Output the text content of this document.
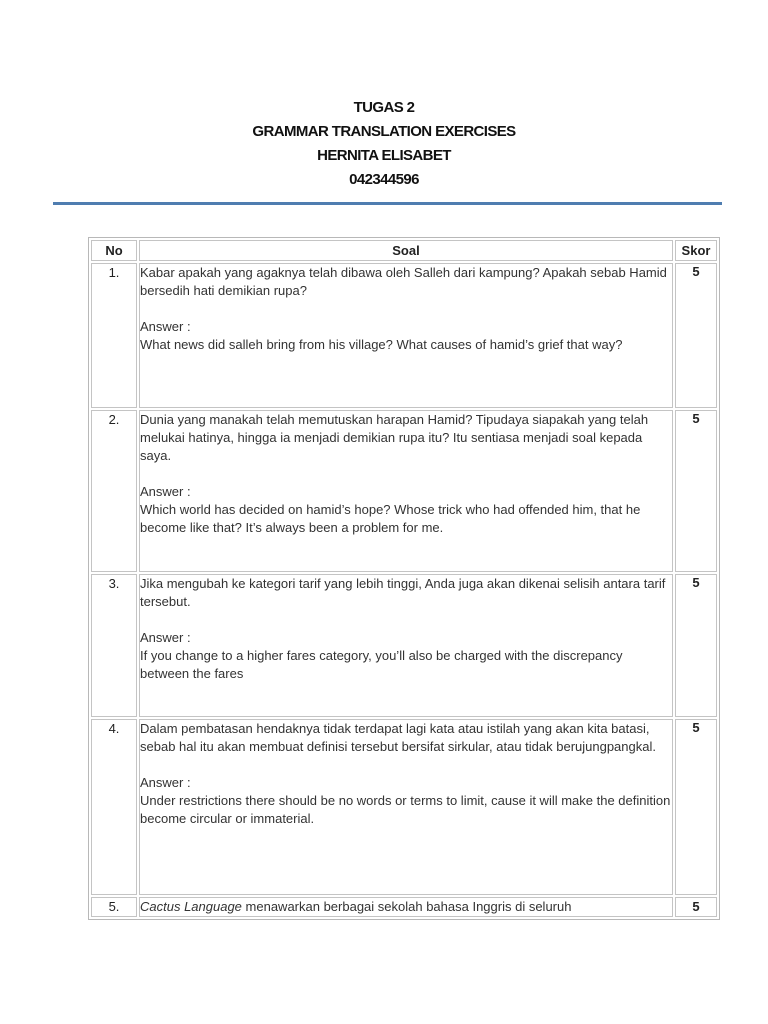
TUGAS 2
GRAMMAR TRANSLATION EXERCISES
HERNITA ELISABET
042344596
No	Soal	Skor
1.	Kabar apakah yang agaknya telah dibawa oleh Salleh dari kampung? Apakah sebab Hamid bersedih hati demikian rupa?
Answer :
What news did salleh bring from his village? What causes of hamid’s grief that way?	5
2.	Dunia yang manakah telah memutuskan harapan Hamid? Tipudaya siapakah yang telah melukai hatinya, hingga ia menjadi demikian rupa itu? Itu sentiasa menjadi soal kepada saya.
Answer :
Which world has decided on hamid’s hope? Whose trick who had offended him, that he become like that? It’s always been a problem for me.	5
3.	Jika mengubah ke kategori tarif yang lebih tinggi, Anda juga akan dikenai selisih antara tarif tersebut.
Answer :
If you change to a higher fares category, you’ll also be charged with the discrepancy between the fares	5
4.	Dalam pembatasan hendaknya tidak terdapat lagi kata atau istilah yang akan kita batasi, sebab hal itu akan membuat definisi tersebut bersifat sirkular, atau tidak berujungpangkal.
Answer :
Under restrictions there should be no words or terms to limit, cause it will make the definition become circular or immaterial.	5
5.	Cactus Language menawarkan berbagai sekolah bahasa Inggris di seluruh	5
